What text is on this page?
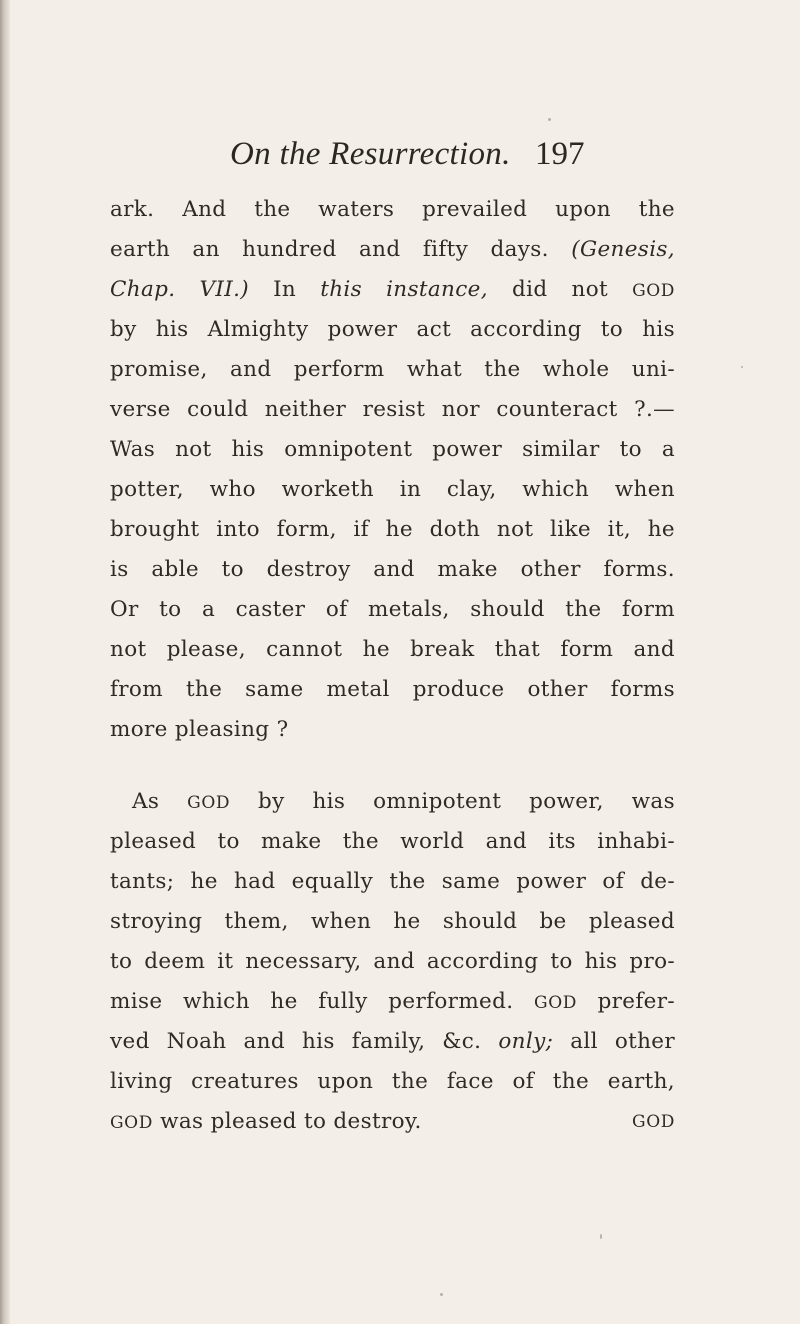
On the Resurrection. 197
ark. And the waters prevailed upon the
earth an hundred and fifty days. (Genesis,
Chap. VII.) In this instance, did not GOD
by his Almighty power act according to his
promise, and perform what the whole uni-
verse could neither resist nor counteract ?.—
Was not his omnipotent power similar to a
potter, who worketh in clay, which when
brought into form, if he doth not like it, he
is able to destroy and make other forms.
Or to a caster of metals, should the form
not please, cannot he break that form and
from the same metal produce other forms
more pleasing ?
As GOD by his omnipotent power, was
pleased to make the world and its inhabi-
tants; he had equally the same power of de-
stroying them, when he should be pleased
to deem it necessary, and according to his pro-
mise which he fully performed. GOD prefer-
ved Noah and his family, &c. only; all other
living creatures upon the face of the earth,
GOD was pleased to destroy.	GOD
